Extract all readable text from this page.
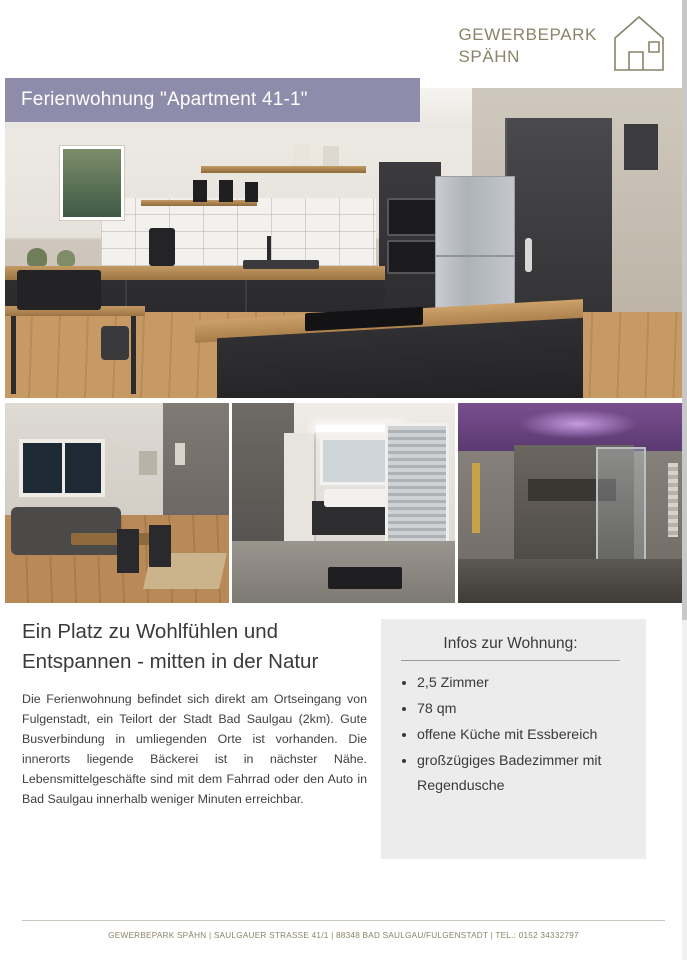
GEWERBEPARK
SPÄHN
Ferienwohnung "Apartment 41-1"
Ein Platz zu Wohlfühlen und
Entspannen - mitten in der Natur

Die Ferienwohnung befindet sich direkt am Ortseingang von Fulgenstadt, ein Teilort der Stadt Bad Saulgau (2km). Gute Busverbindung in umliegenden Orte ist vorhanden. Die innerorts liegende Bäckerei ist in nächster Nähe. Lebensmittelgeschäfte sind mit dem Fahrrad oder den Auto in Bad Saulgau innerhalb weniger Minuten erreichbar.

Infos zur Wohnung:
• 2,5 Zimmer
• 78 qm
• offene Küche mit Essbereich
• großzügiges Badezimmer mit Regendusche
GEWERBEPARK SPÄHN | SAULGAUER STRASSE 41/1 | 88348 BAD SAULGAU/FULGENSTADT | TEL.: 0152 34332797
